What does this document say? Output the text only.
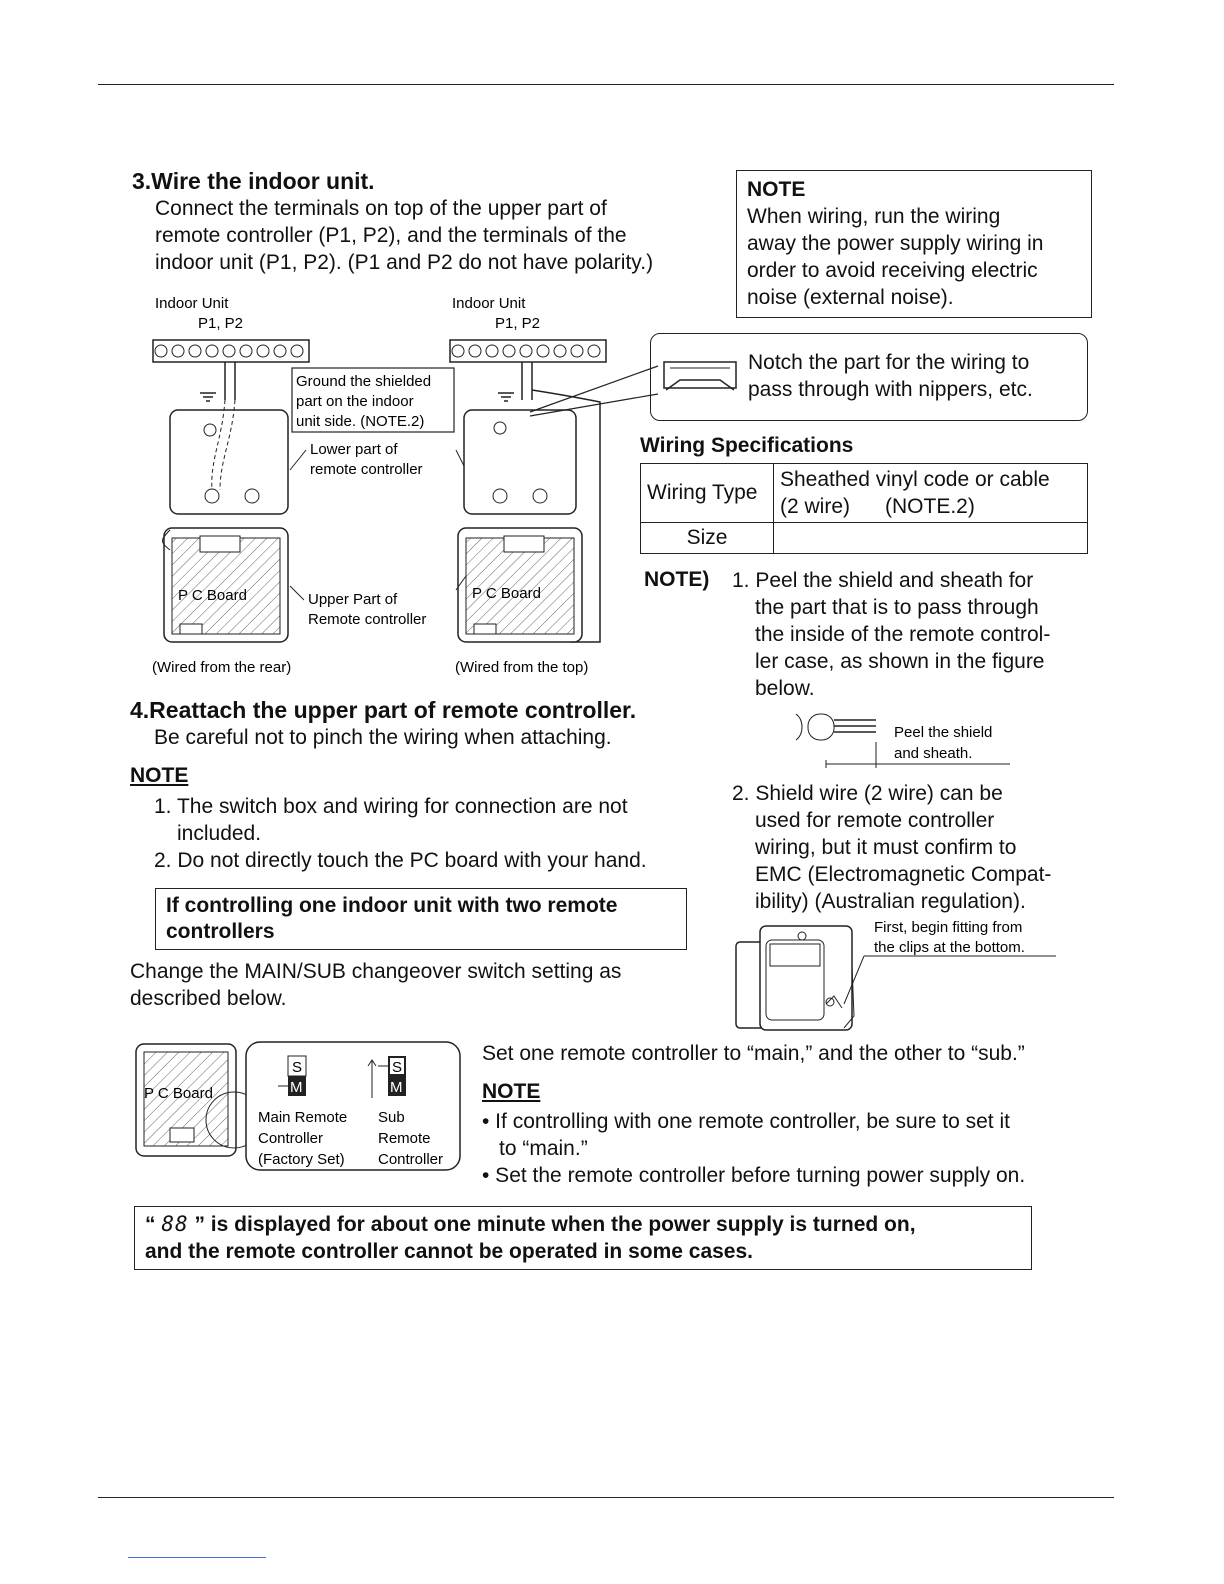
3.Wire the indoor unit.
Connect the terminals on top of the upper part of
remote controller (P1, P2), and the terminals of the
indoor unit (P1, P2). (P1 and P2 do not have polarity.)
NOTE
When wiring, run the wiring
away the power supply wiring in
order to avoid receiving electric
noise (external noise).
Notch the part for the wiring to
pass through with nippers, etc.
Indoor Unit
P1, P2
Indoor Unit
P1, P2
Ground the shielded
part on the indoor
unit side. (NOTE.2)
Lower part of
remote controller
P C Board	P C Board
Upper Part of
Remote controller
(Wired from the rear)	(Wired from the top)
Wiring Specifications
Wiring Type	Sheathed vinyl code or cable
(2 wire)      (NOTE.2)

Size	
NOTE) 1. Peel the shield and sheath for
the part that is to pass through
the inside of the remote control-
ler case, as shown in the figure
below.
Peel the shield
and sheath.
2. Shield wire (2 wire) can be
used for remote controller
wiring, but it must confirm to
EMC (Electromagnetic Compat-
ibility) (Australian regulation).
First, begin fitting from
the clips at the bottom.
4.Reattach the upper part of remote controller.
Be careful not to pinch the wiring when attaching.
NOTE
1. The switch box and wiring for connection are not
included.
2. Do not directly touch the PC board with your hand.
If controlling one indoor unit with two remote
controllers
Change the MAIN/SUB changeover switch setting as
described below.
P C Board
S
M
S
M
Main Remote
Controller
(Factory Set)
Sub
Remote
Controller
Set one remote controller to “main,” and the other to “sub.”
NOTE
• If controlling with one remote controller, be sure to set it
to “main.”
• Set the remote controller before turning power supply on.
“ 88 ” is displayed for about one minute when the power supply is turned on,
and the remote controller cannot be operated in some cases.
